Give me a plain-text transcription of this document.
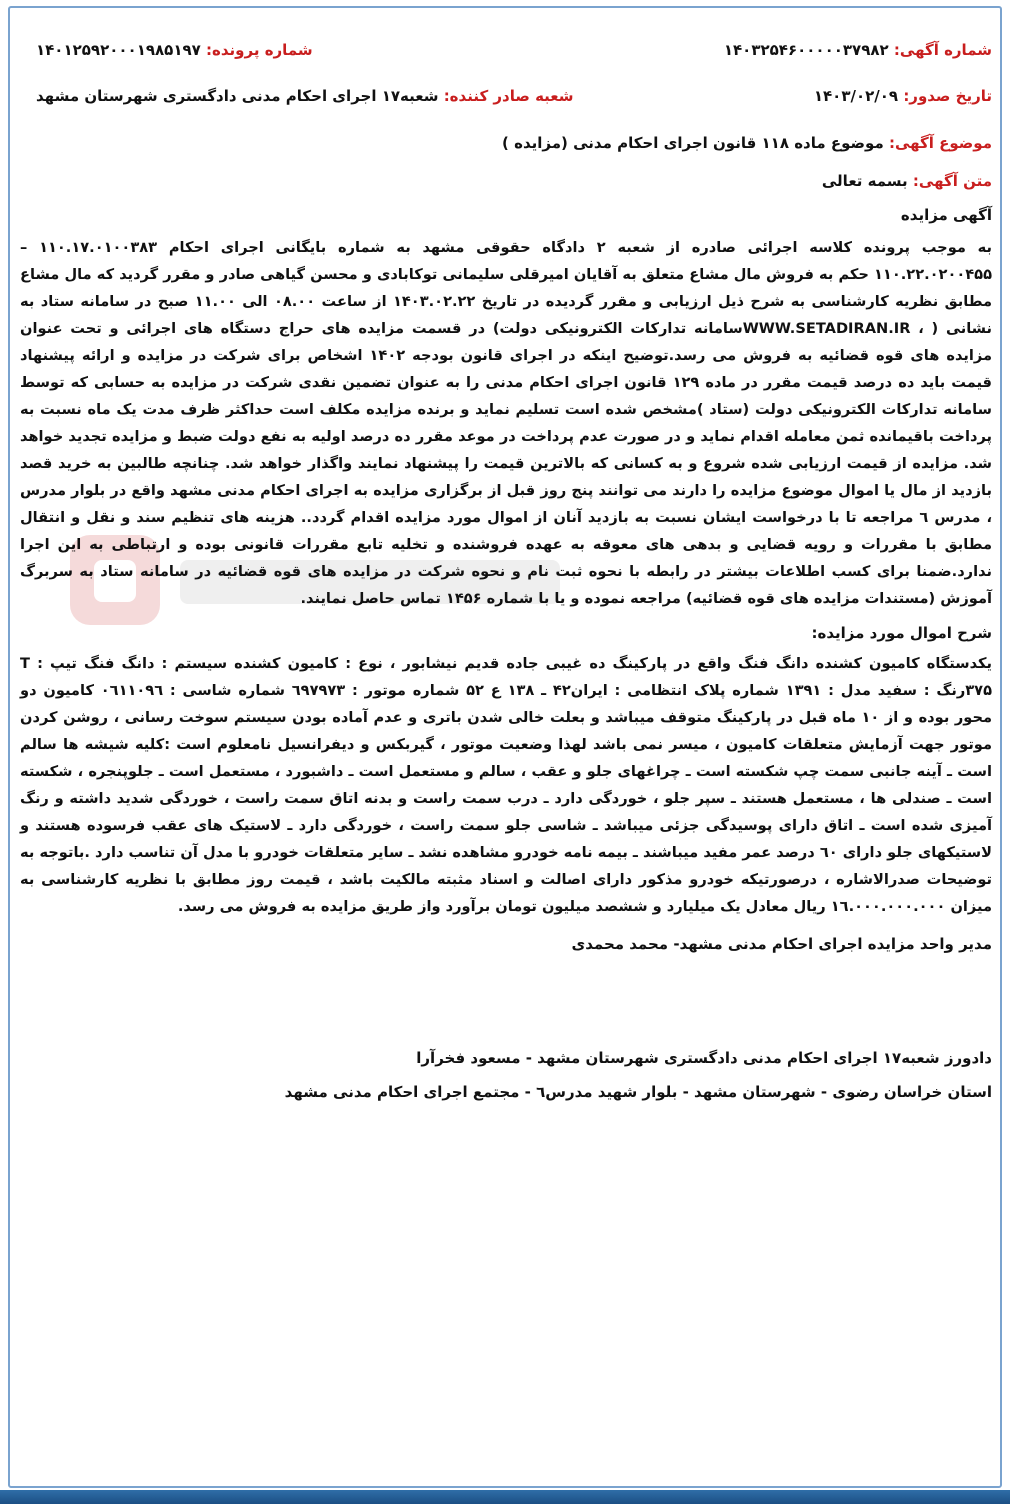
شماره آگهی: ۱۴۰۳۲۵۴۶۰۰۰۰۰۳۷۹۸۲
شماره پرونده: ۱۴۰۱۲۵۹۲۰۰۰۱۹۸۵۱۹۷
تاریخ صدور: ۱۴۰۳/۰۲/۰۹
شعبه صادر کننده: شعبه۱۷ اجرای احکام مدنی دادگستری شهرستان مشهد
موضوع آگهی: موضوع ماده ۱۱۸ قانون اجرای احکام مدنی (مزایده )
متن آگهی: بسمه تعالی
آگهی مزایده

به موجب پرونده کلاسه اجرائی صادره از شعبه ۲ دادگاه حقوقی مشهد به شماره بایگانی اجرای احکام ۱۱۰.۱۷.۰۱۰۰۳۸۳ – ۱۱۰.۲۲.۰۲۰۰۴۵۵ حکم به فروش مال مشاع متعلق به آقایان امیرقلی سلیمانی توکابادی و محسن گیاهی صادر و مقرر گردید که مال مشاع مطابق نظریه کارشناسی به شرح ذیل ارزیابی و مقرر گردیده در تاریخ ۱۴۰۳.۰۲.۲۲ از ساعت ۰۸.۰۰ الی ۱۱.۰۰ صبح در سامانه ستاد به نشانی ( ، WWW.SETADIRAN.IRسامانه تدارکات الکترونیکی دولت) در قسمت مزایده های حراج دستگاه های اجرائی و تحت عنوان مزایده های قوه قضائیه به فروش می رسد.توضیح اینکه در اجرای قانون بودجه ۱۴۰۲ اشخاص برای شرکت در مزایده و ارائه پیشنهاد قیمت باید ده درصد قیمت مقرر در ماده ۱۲۹ قانون اجرای احکام مدنی را به عنوان تضمین نقدی شرکت در مزایده به حسابی که توسط سامانه تدارکات الکترونیکی دولت (ستاد )مشخص شده است تسلیم نماید و برنده مزایده مکلف است حداکثر ظرف مدت یک ماه نسبت به پرداخت باقیمانده ثمن معامله اقدام نماید و در صورت عدم پرداخت در موعد مقرر ده درصد اولیه به نفع دولت ضبط و مزایده تجدید خواهد شد. مزایده از قیمت ارزیابی شده شروع و به کسانی که بالاترین قیمت را پیشنهاد نمایند واگذار خواهد شد. چنانچه طالبین به خرید قصد بازدید از مال یا اموال موضوع مزایده را دارند می توانند پنج روز قبل از برگزاری مزایده به اجرای احکام مدنی مشهد واقع در بلوار مدرس ، مدرس ٦ مراجعه تا با درخواست ایشان نسبت به بازدید آنان از اموال مورد مزایده اقدام گردد.. هزینه های تنظیم سند و نقل و انتقال مطابق با مقررات و رویه قضایی و بدهی های معوقه به عهده فروشنده و تخلیه تابع مقررات قانونی بوده و ارتباطی به این اجرا ندارد.ضمنا برای کسب اطلاعات بیشتر در رابطه با نحوه ثبت نام و نحوه شرکت در مزایده های قوه قضائیه در سامانه ستاد به سربرگ آموزش (مستندات مزایده های قوه قضائیه) مراجعه نموده و یا با شماره ۱۴۵۶ تماس حاصل نمایند.

شرح اموال مورد مزایده:

یکدستگاه کامیون کشنده دانگ فنگ واقع در پارکینگ ده غیبی جاده قدیم نیشابور ، نوع : کامیون کشنده سیستم : دانگ فنگ تیپ : T ۳۷۵رنگ : سفید مدل : ۱۳۹۱ شماره پلاک انتظامی : ایران۴۲ ـ ۱۳۸ ع ۵۲ شماره موتور : ٦۹۷۹۷۳ شماره شاسی : ۰٦۱۱۰۹٦ کامیون دو محور بوده و از ۱۰ ماه قبل در پارکینگ متوقف میباشد و بعلت خالی شدن باتری و عدم آماده بودن سیستم سوخت رسانی ، روشن کردن موتور جهت آزمایش متعلقات کامیون ، میسر نمی باشد لهذا وضعیت موتور ، گیربکس و دیفرانسیل نامعلوم است :کلیه شیشه ها سالم است ـ آینه جانبی سمت چپ شکسته است ـ چراغهای جلو و عقب ، سالم و مستعمل است ـ داشبورد ، مستعمل است ـ جلوپنجره ، شکسته است ـ صندلی ها ، مستعمل هستند ـ سپر جلو ، خوردگی دارد ـ درب سمت راست و بدنه اتاق سمت راست ، خوردگی شدید داشته و رنگ آمیزی شده است ـ اتاق دارای پوسیدگی جزئی میباشد ـ شاسی جلو سمت راست ، خوردگی دارد ـ لاستیک های عقب فرسوده هستند و لاستیکهای جلو دارای ٦۰ درصد عمر مفید میباشند ـ بیمه نامه خودرو مشاهده نشد ـ سایر متعلقات خودرو با مدل آن تناسب دارد .باتوجه به توضیحات صدرالاشاره ، درصورتیکه خودرو مذکور دارای اصالت و اسناد مثبته مالکیت باشد ، قیمت روز مطابق با نظریه کارشناسی به میزان ۱٦.۰۰۰.۰۰۰.۰۰۰ ریال معادل یک میلیارد و ششصد میلیون تومان برآورد واز طریق مزایده به فروش می رسد.

مدیر واحد مزایده اجرای احکام مدنی مشهد- محمد محمدی
دادورز شعبه۱۷ اجرای احکام مدنی دادگستری شهرستان مشهد - مسعود فخرآرا
استان خراسان رضوی - شهرستان مشهد - بلوار شهید مدرس٦ - مجتمع اجرای احکام مدنی مشهد
